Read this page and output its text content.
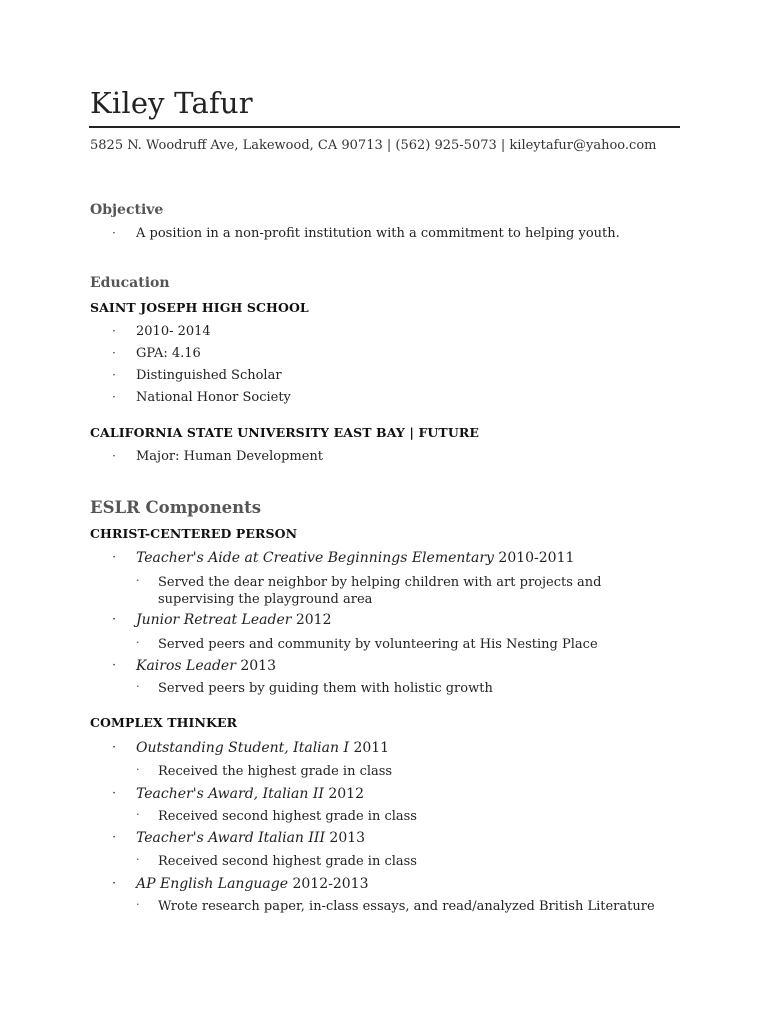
Kiley Tafur
5825 N. Woodruff Ave, Lakewood, CA 90713 | (562) 925-5073 | kileytafur@yahoo.com
Objective
· A position in a non-profit institution with a commitment to helping youth.
Education
SAINT JOSEPH HIGH SCHOOL
· 2010- 2014
· GPA: 4.16
· Distinguished Scholar
· National Honor Society
CALIFORNIA STATE UNIVERSITY EAST BAY | FUTURE
· Major: Human Development
ESLR Components
CHRIST-CENTERED PERSON
· Teacher's Aide at Creative Beginnings Elementary 2010-2011
· Served the dear neighbor by helping children with art projects and supervising the playground area
· Junior Retreat Leader 2012
· Served peers and community by volunteering at His Nesting Place
· Kairos Leader 2013
· Served peers by guiding them with holistic growth
COMPLEX THINKER
· Outstanding Student, Italian I 2011
· Received the highest grade in class
· Teacher's Award, Italian II 2012
· Received second highest grade in class
· Teacher's Award Italian III 2013
· Received second highest grade in class
· AP English Language 2012-2013
· Wrote research paper, in-class essays, and read/analyzed British Literature
